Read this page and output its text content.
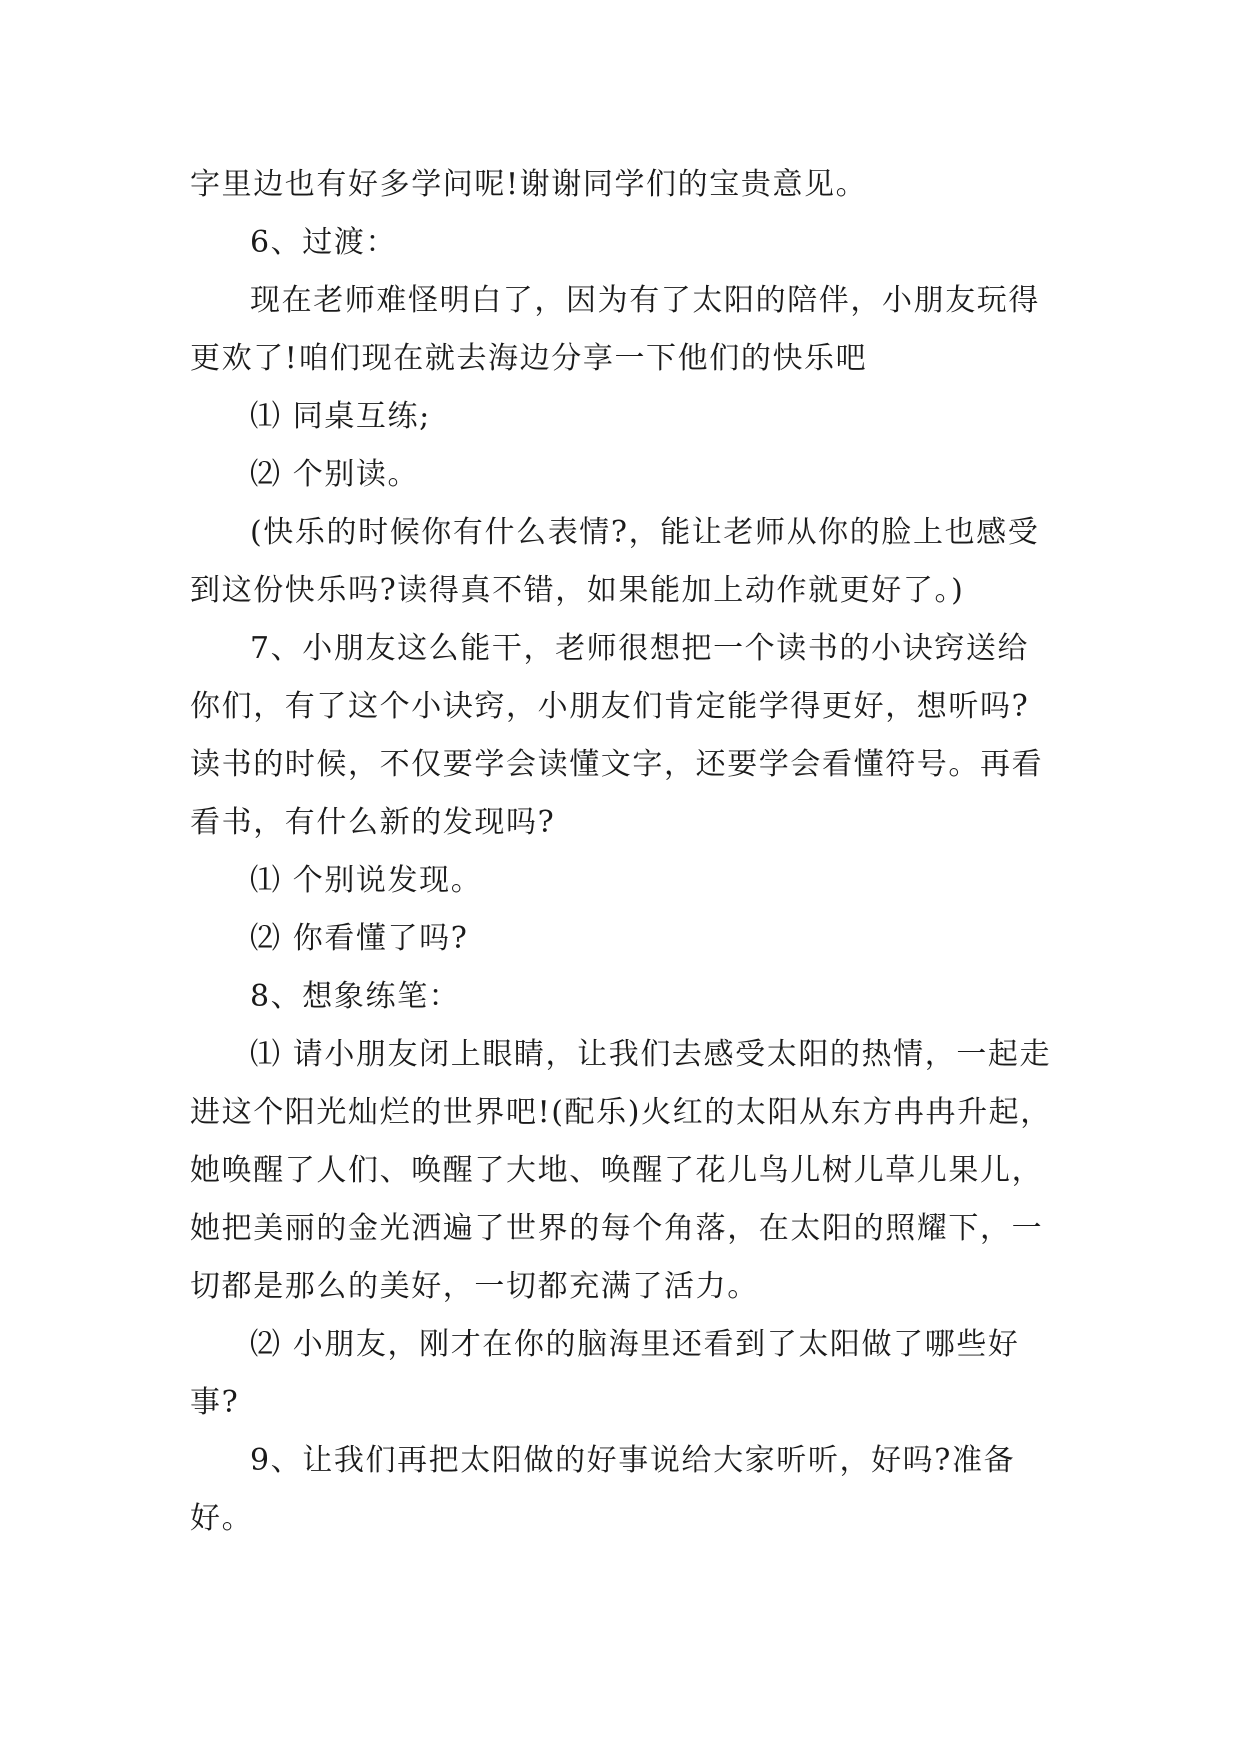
字里边也有好多学问呢!谢谢同学们的宝贵意见。

6、过渡：

现在老师难怪明白了，因为有了太阳的陪伴，小朋友玩得更欢了!咱们现在就去海边分享一下他们的快乐吧

⑴ 同桌互练;

⑵ 个别读。

(快乐的时候你有什么表情?，能让老师从你的脸上也感受到这份快乐吗?读得真不错，如果能加上动作就更好了。)

7、小朋友这么能干，老师很想把一个读书的小诀窍送给你们，有了这个小诀窍，小朋友们肯定能学得更好，想听吗?读书的时候，不仅要学会读懂文字，还要学会看懂符号。再看看书，有什么新的发现吗?

⑴ 个别说发现。

⑵ 你看懂了吗?

8、想象练笔：

⑴ 请小朋友闭上眼睛，让我们去感受太阳的热情，一起走进这个阳光灿烂的世界吧!(配乐)火红的太阳从东方冉冉升起，她唤醒了人们、唤醒了大地、唤醒了花儿鸟儿树儿草儿果儿，她把美丽的金光洒遍了世界的每个角落，在太阳的照耀下，一切都是那么的美好，一切都充满了活力。

⑵ 小朋友，刚才在你的脑海里还看到了太阳做了哪些好事?

9、让我们再把太阳做的好事说给大家听听，好吗?准备好。
